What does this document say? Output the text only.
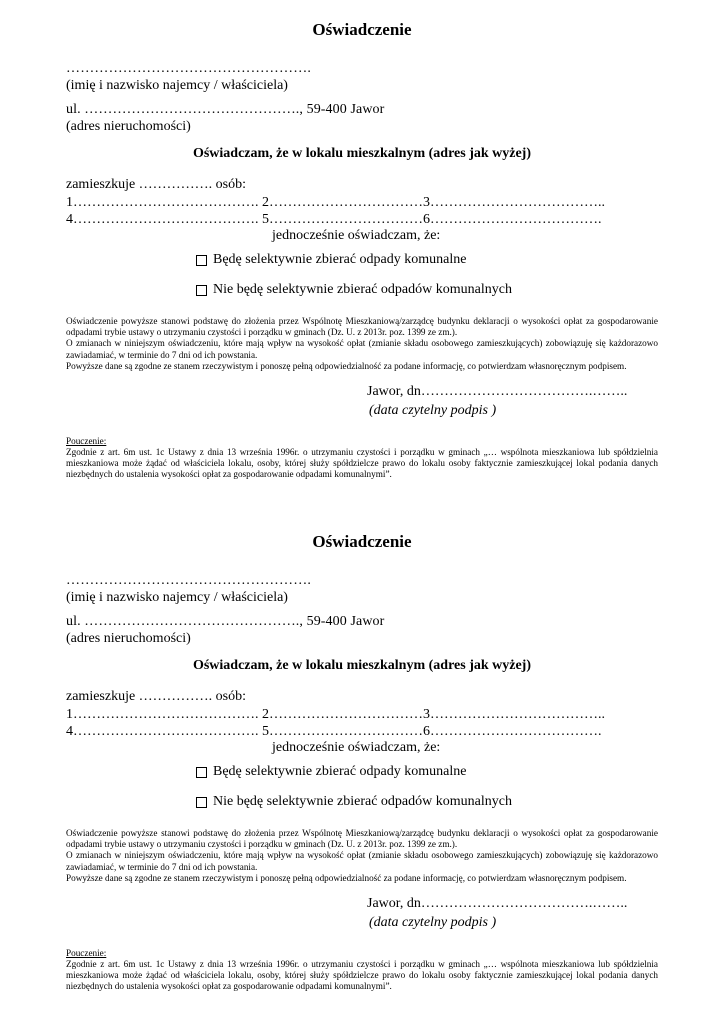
Oświadczenie
…………………………………………….
(imię i nazwisko najemcy / właściciela)
ul. ………………………………………., 59-400 Jawor
(adres nieruchomości)
Oświadczam, że w lokalu mieszkalnym (adres jak wyżej)
zamieszkuje ……………. osób:
1…………………………………. 2……………………………3………………………………..
4…………………………………. 5……………………………6……………………………….
jednocześnie oświadczam, że:
Będę selektywnie zbierać odpady komunalne
Nie będę selektywnie zbierać odpadów komunalnych

Oświadczenie powyższe stanowi podstawę do złożenia przez Wspólnotę Mieszkaniową/zarządcę budynku deklaracji o wysokości opłat za gospodarowanie odpadami trybie ustawy o utrzymaniu czystości i porządku w gminach (Dz. U. z 2013r. poz. 1399 ze zm.).

O zmianach w niniejszym oświadczeniu, które mają wpływ na wysokość opłat (zmianie składu osobowego zamieszkujących) zobowiązuję się każdorazowo zawiadamiać, w terminie do 7 dni od ich powstania.

Powyższe dane są zgodne ze stanem rzeczywistym i ponoszę pełną odpowiedzialność za podane informację, co potwierdzam własnoręcznym podpisem.

Jawor, dn……………………………….……..
(data czytelny podpis )
Pouczenie:
Zgodnie z art. 6m ust. 1c Ustawy z dnia 13 września 1996r. o utrzymaniu czystości i porządku w gminach „… wspólnota mieszkaniowa lub spółdzielnia mieszkaniowa może żądać od właściciela lokalu, osoby, której służy spółdzielcze prawo do lokalu osoby faktycznie zamieszkującej lokal podania danych niezbędnych do ustalenia wysokości opłat za gospodarowanie odpadami komunalnymi”.
Oświadczenie
…………………………………………….
(imię i nazwisko najemcy / właściciela)
ul. ………………………………………., 59-400 Jawor
(adres nieruchomości)
Oświadczam, że w lokalu mieszkalnym (adres jak wyżej)
zamieszkuje ……………. osób:
1…………………………………. 2……………………………3………………………………..
4…………………………………. 5……………………………6……………………………….
jednocześnie oświadczam, że:
Będę selektywnie zbierać odpady komunalne
Nie będę selektywnie zbierać odpadów komunalnych

Oświadczenie powyższe stanowi podstawę do złożenia przez Wspólnotę Mieszkaniową/zarządcę budynku deklaracji o wysokości opłat za gospodarowanie odpadami trybie ustawy o utrzymaniu czystości i porządku w gminach (Dz. U. z 2013r. poz. 1399 ze zm.).

O zmianach w niniejszym oświadczeniu, które mają wpływ na wysokość opłat (zmianie składu osobowego zamieszkujących) zobowiązuję się każdorazowo zawiadamiać, w terminie do 7 dni od ich powstania.

Powyższe dane są zgodne ze stanem rzeczywistym i ponoszę pełną odpowiedzialność za podane informację, co potwierdzam własnoręcznym podpisem.

Jawor, dn……………………………….……..
(data czytelny podpis )
Pouczenie:
Zgodnie z art. 6m ust. 1c Ustawy z dnia 13 września 1996r. o utrzymaniu czystości i porządku w gminach „… wspólnota mieszkaniowa lub spółdzielnia mieszkaniowa może żądać od właściciela lokalu, osoby, której służy spółdzielcze prawo do lokalu osoby faktycznie zamieszkującej lokal podania danych niezbędnych do ustalenia wysokości opłat za gospodarowanie odpadami komunalnymi”.
